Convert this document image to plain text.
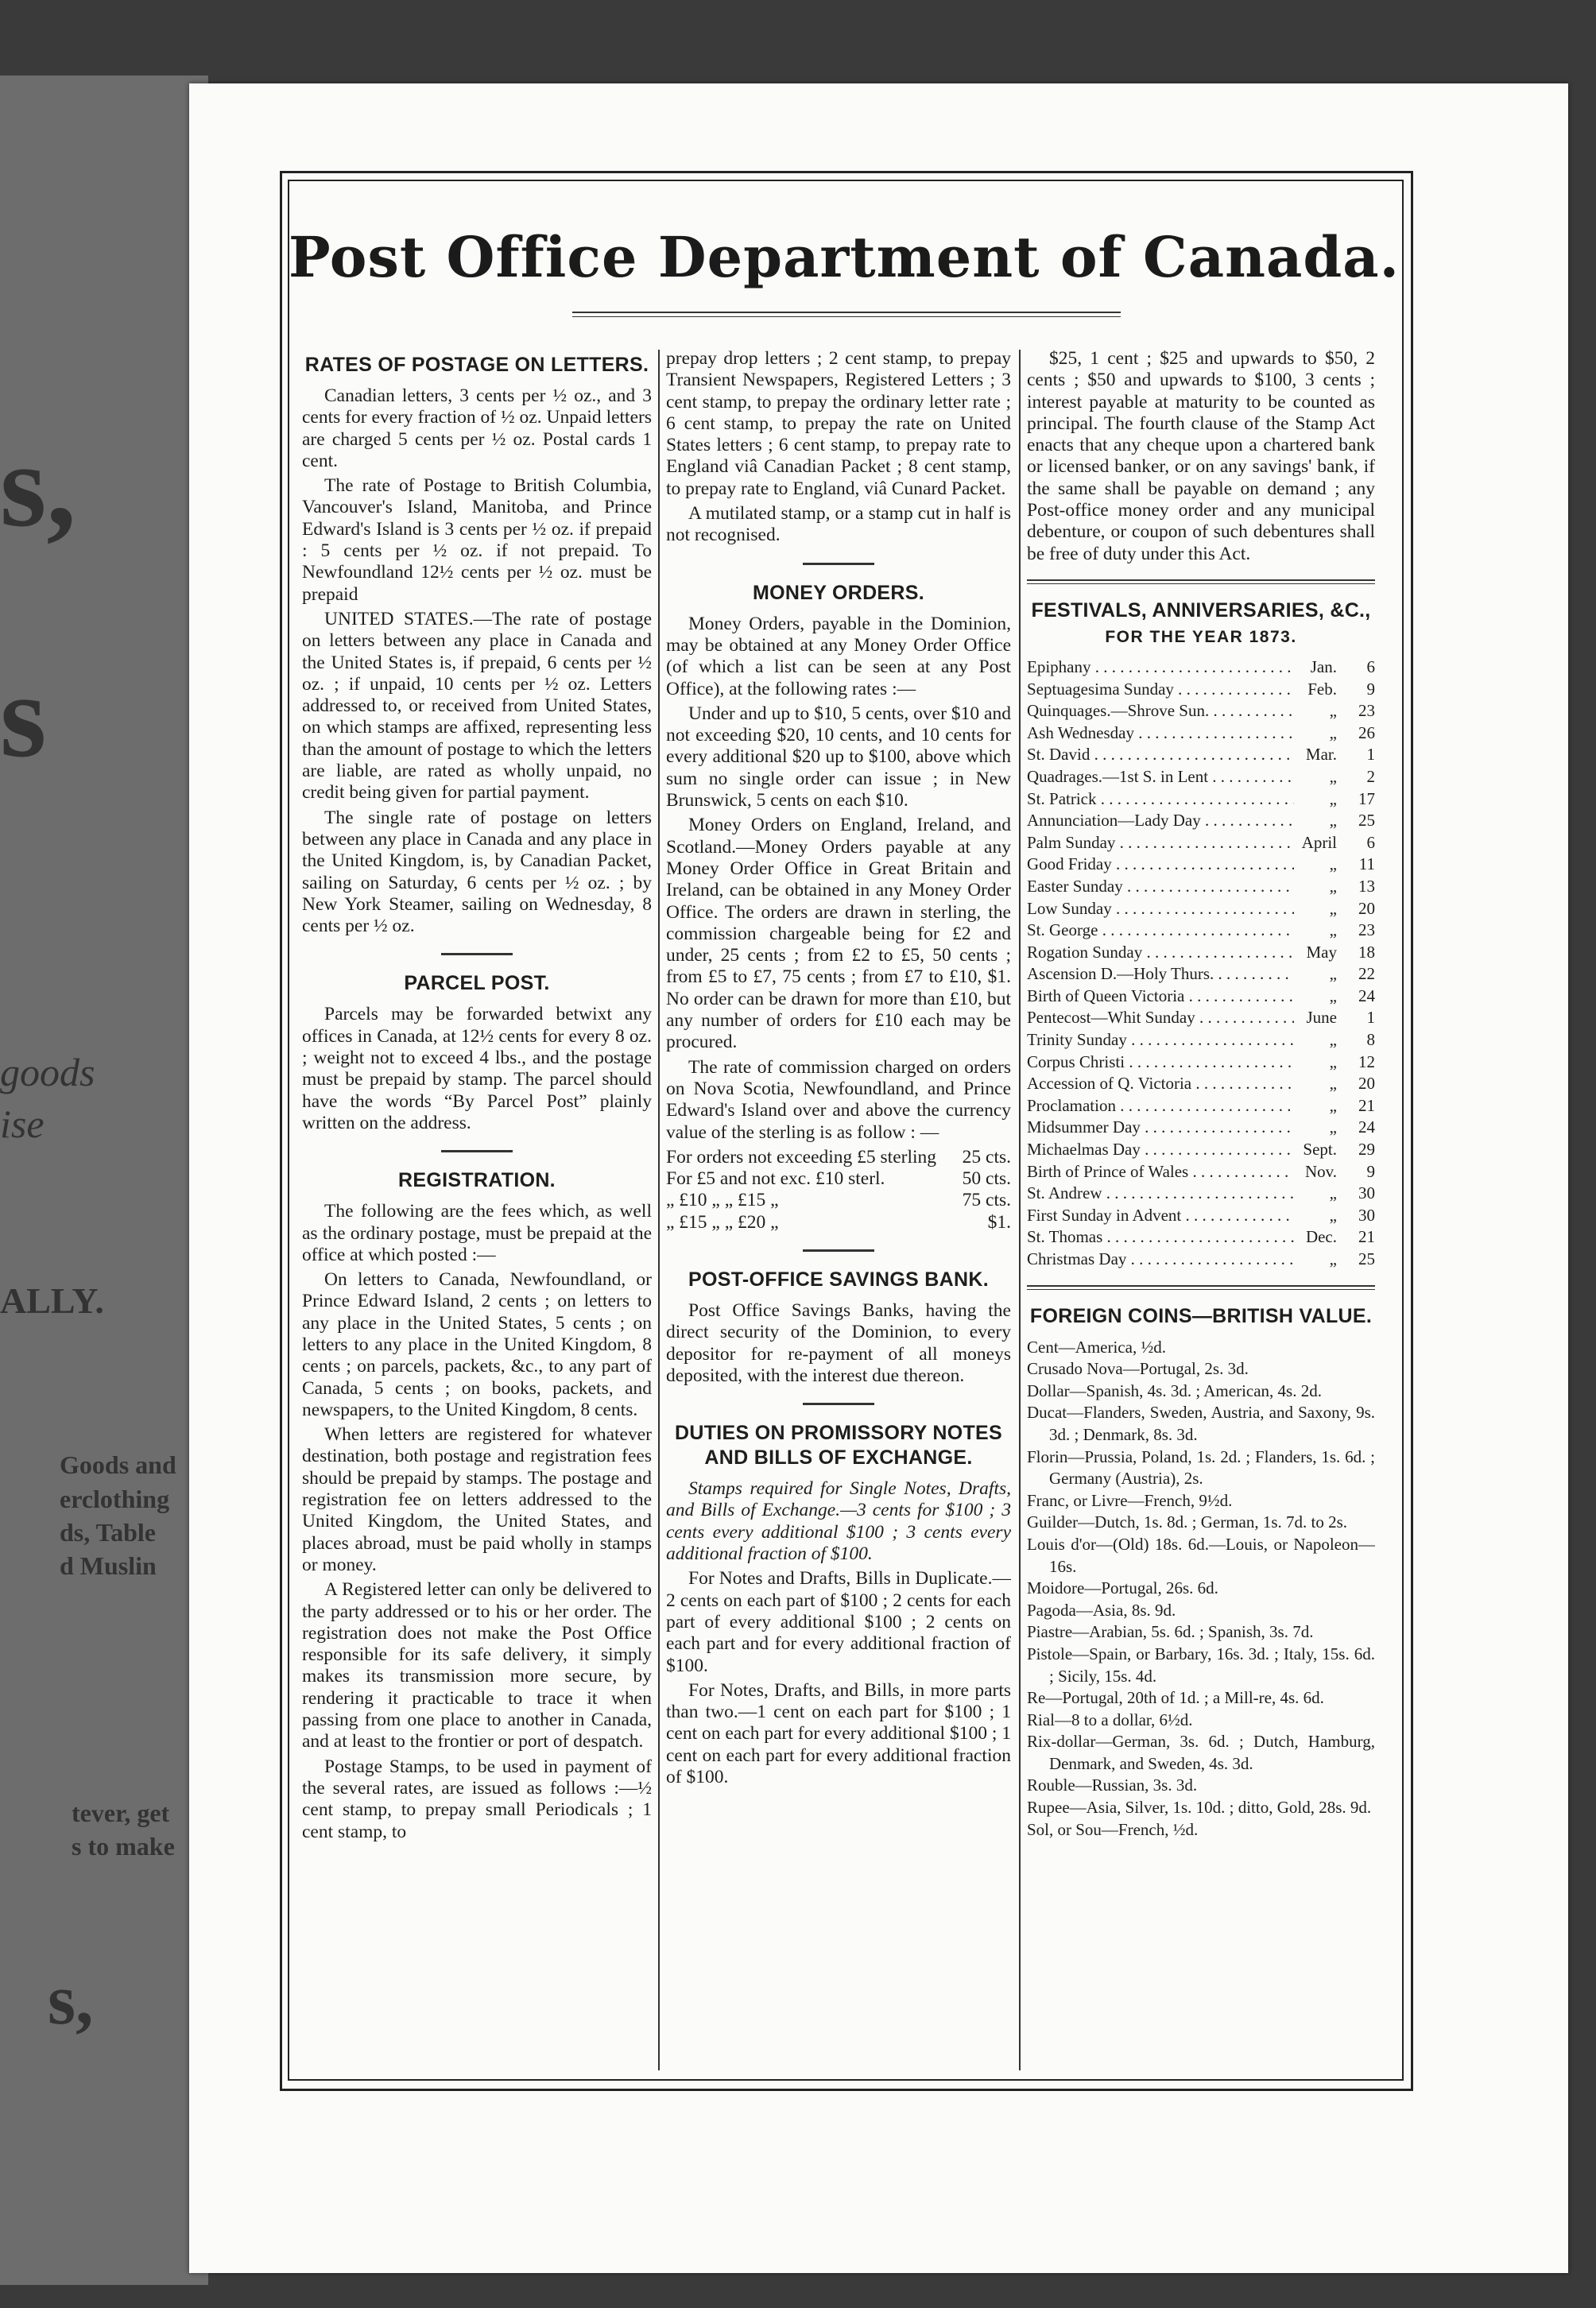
s,
s
goods
ise
ALLY.
Goods and
erclothing
ds, Table
d Muslin
tever, get
s to make
s,
Post Office Department of Canada.
RATES OF POSTAGE ON LETTERS.

Canadian letters, 3 cents per ½ oz., and 3 cents for every fraction of ½ oz. Unpaid letters are charged 5 cents per ½ oz. Postal cards 1 cent.

The rate of Postage to British Columbia, Vancouver's Island, Manitoba, and Prince Edward's Island is 3 cents per ½ oz. if prepaid : 5 cents per ½ oz. if not prepaid. To Newfoundland 12½ cents per ½ oz. must be prepaid

UNITED STATES.—The rate of postage on letters between any place in Canada and the United States is, if prepaid, 6 cents per ½ oz. ; if unpaid, 10 cents per ½ oz. Letters addressed to, or received from United States, on which stamps are affixed, representing less than the amount of postage to which the letters are liable, are rated as wholly unpaid, no credit being given for partial payment.

The single rate of postage on letters between any place in Canada and any place in the United Kingdom, is, by Canadian Packet, sailing on Saturday, 6 cents per ½ oz. ; by New York Steamer, sailing on Wednesday, 8 cents per ½ oz.

PARCEL POST.

Parcels may be forwarded betwixt any offices in Canada, at 12½ cents for every 8 oz. ; weight not to exceed 4 lbs., and the postage must be prepaid by stamp. The parcel should have the words “By Parcel Post” plainly written on the address.

REGISTRATION.

The following are the fees which, as well as the ordinary postage, must be prepaid at the office at which posted :—

On letters to Canada, Newfoundland, or Prince Edward Island, 2 cents ; on letters to any place in the United States, 5 cents ; on letters to any place in the United Kingdom, 8 cents ; on parcels, packets, &c., to any part of Canada, 5 cents ; on books, packets, and newspapers, to the United Kingdom, 8 cents.

When letters are registered for whatever destination, both postage and registration fees should be prepaid by stamps. The postage and registration fee on letters addressed to the United Kingdom, the United States, and places abroad, must be paid wholly in stamps or money.

A Registered letter can only be delivered to the party addressed or to his or her order. The registration does not make the Post Office responsible for its safe delivery, it simply makes its transmission more secure, by rendering it practicable to trace it when passing from one place to another in Canada, and at least to the frontier or port of despatch.

Postage Stamps, to be used in payment of the several rates, are issued as follows :—½ cent stamp, to prepay small Periodicals ; 1 cent stamp, to

prepay drop letters ; 2 cent stamp, to prepay Transient Newspapers, Registered Letters ; 3 cent stamp, to prepay the ordinary letter rate ; 6 cent stamp, to prepay the rate on United States letters ; 6 cent stamp, to prepay rate to England viâ Canadian Packet ; 8 cent stamp, to prepay rate to England, viâ Cunard Packet.

A mutilated stamp, or a stamp cut in half is not recognised.

MONEY ORDERS.

Money Orders, payable in the Dominion, may be obtained at any Money Order Office (of which a list can be seen at any Post Office), at the following rates :—

Under and up to $10, 5 cents, over $10 and not exceeding $20, 10 cents, and 10 cents for every additional $20 up to $100, above which sum no single order can issue ; in New Brunswick, 5 cents on each $10.

Money Orders on England, Ireland, and Scotland.—Money Orders payable at any Money Order Office in Great Britain and Ireland, can be obtained in any Money Order Office. The orders are drawn in sterling, the commission chargeable being for £2 and under, 25 cents ; from £2 to £5, 50 cents ; from £5 to £7, 75 cents ; from £7 to £10, $1. No order can be drawn for more than £10, but any number of orders for £10 each may be procured.

The rate of commission charged on orders on Nova Scotia, Newfoundland, and Prince Edward's Island over and above the currency value of the sterling is as follow : —

For orders not exceeding £5 sterling	25 cts.
For £5 and not exc. £10 sterl.	50 cts.
„ £10 „ „ £15 „	75 cts.
„ £15 „ „ £20 „	$1.
POST-OFFICE SAVINGS BANK.

Post Office Savings Banks, having the direct security of the Dominion, to every depositor for re-payment of all moneys deposited, with the interest due thereon.

DUTIES ON PROMISSORY NOTES AND BILLS OF EXCHANGE.

Stamps required for Single Notes, Drafts, and Bills of Exchange.—3 cents for $100 ; 3 cents every additional $100 ; 3 cents every additional fraction of $100.

For Notes and Drafts, Bills in Duplicate.—2 cents on each part of $100 ; 2 cents for each part of every additional $100 ; 2 cents on each part and for every additional fraction of $100.

For Notes, Drafts, and Bills, in more parts than two.—1 cent on each part for $100 ; 1 cent on each part for every additional $100 ; 1 cent on each part for every additional fraction of $100.

$25, 1 cent ; $25 and upwards to $50, 2 cents ; $50 and upwards to $100, 3 cents ; interest payable at maturity to be counted as principal. The fourth clause of the Stamp Act enacts that any cheque upon a chartered bank or licensed banker, or on any savings' bank, if the same shall be payable on demand ; any Post-office money order and any municipal debenture, or coupon of such debentures shall be free of duty under this Act.

FESTIVALS, ANNIVERSARIES, &C.,
FOR THE YEAR 1873.
Epiphany . . .	Jan.	6
Septuagesima Sunday . . .	Feb.	9
Quinquages.—Shrove Sun. . . .	„	23
Ash Wednesday . . .	„	26
St. David . . .	Mar.	1
Quadrages.—1st S. in Lent . . .	„	2
St. Patrick . . .	„	17
Annunciation—Lady Day . . .	„	25
Palm Sunday . . .	April	6
Good Friday . . .	„	11
Easter Sunday . . .	„	13
Low Sunday . . .	„	20
St. George . . .	„	23
Rogation Sunday . . .	May	18
Ascension D.—Holy Thurs. . . .	„	22
Birth of Queen Victoria . . .	„	24
Pentecost—Whit Sunday . . .	June	1
Trinity Sunday . . .	„	8
Corpus Christi . . .	„	12
Accession of Q. Victoria . . .	„	20
Proclamation . . .	„	21
Midsummer Day . . .	„	24
Michaelmas Day . . .	Sept.	29
Birth of Prince of Wales . . .	Nov.	9
St. Andrew . . .	„	30
First Sunday in Advent . . .	„	30
St. Thomas . . .	Dec.	21
Christmas Day . . .	„	25
FOREIGN COINS—BRITISH VALUE.
Cent—America, ½d.
Crusado Nova—Portugal, 2s. 3d.
Dollar—Spanish, 4s. 3d. ; American, 4s. 2d.
Ducat—Flanders, Sweden, Austria, and Saxony, 9s. 3d. ; Denmark, 8s. 3d.
Florin—Prussia, Poland, 1s. 2d. ; Flanders, 1s. 6d. ; Germany (Austria), 2s.
Franc, or Livre—French, 9½d.
Guilder—Dutch, 1s. 8d. ; German, 1s. 7d. to 2s.
Louis d'or—(Old) 18s. 6d.—Louis, or Napoleon—16s.
Moidore—Portugal, 26s. 6d.
Pagoda—Asia, 8s. 9d.
Piastre—Arabian, 5s. 6d. ; Spanish, 3s. 7d.
Pistole—Spain, or Barbary, 16s. 3d. ; Italy, 15s. 6d. ; Sicily, 15s. 4d.
Re—Portugal, 20th of 1d. ; a Mill-re, 4s. 6d.
Rial—8 to a dollar, 6½d.
Rix-dollar—German, 3s. 6d. ; Dutch, Hamburg, Denmark, and Sweden, 4s. 3d.
Rouble—Russian, 3s. 3d.
Rupee—Asia, Silver, 1s. 10d. ; ditto, Gold, 28s. 9d.
Sol, or Sou—French, ½d.
